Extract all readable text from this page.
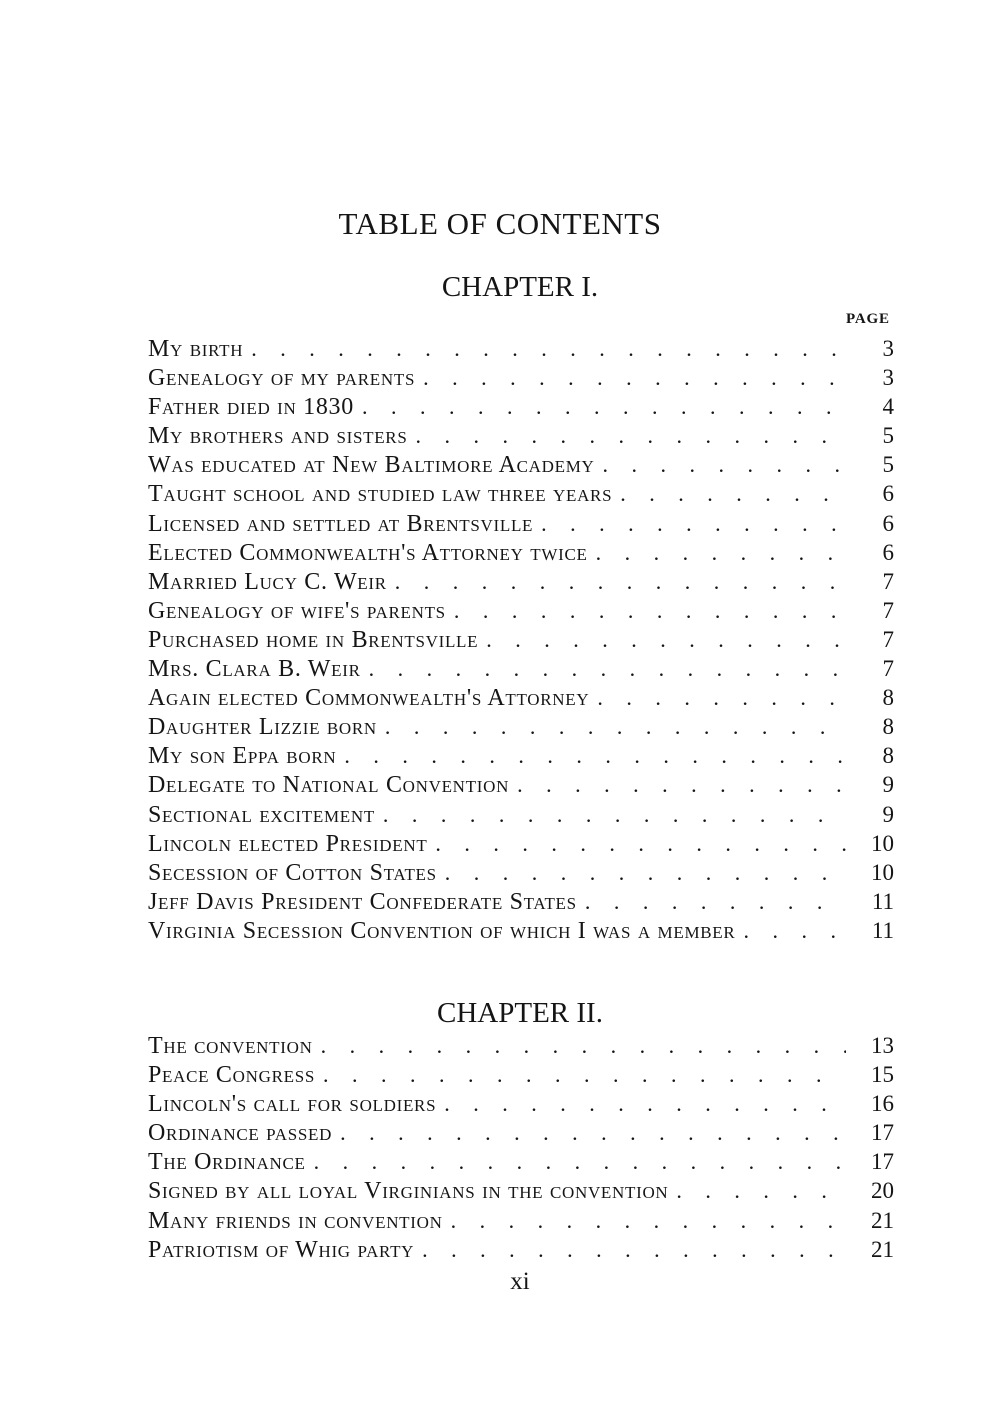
TABLE OF CONTENTS
CHAPTER I.
PAGE
My birth . . .	3
Genealogy of my parents . . .	3
Father died in 1830 . . .	4
My brothers and sisters . . .	5
Was educated at New Baltimore Academy . . .	5
Taught school and studied law three years . . .	6
Licensed and settled at Brentsville . . .	6
Elected Commonwealth's Attorney twice . . .	6
Married Lucy C. Weir . . .	7
Genealogy of wife's parents . . .	7
Purchased home in Brentsville . . .	7
Mrs. Clara B. Weir . . .	7
Again elected Commonwealth's Attorney . . .	8
Daughter Lizzie born . . .	8
My son Eppa born . . .	8
Delegate to National Convention . . .	9
Sectional excitement . . .	9
Lincoln elected President . . .	10
Secession of Cotton States . . .	10
Jeff Davis President Confederate States . . .	11
Virginia Secession Convention of which I was a member . . .	11
CHAPTER II.
The convention . . .	13
Peace Congress . . .	15
Lincoln's call for soldiers . . .	16
Ordinance passed . . .	17
The Ordinance . . .	17
Signed by all loyal Virginians in the convention . . .	20
Many friends in convention . . .	21
Patriotism of Whig party . . .	21
xi
